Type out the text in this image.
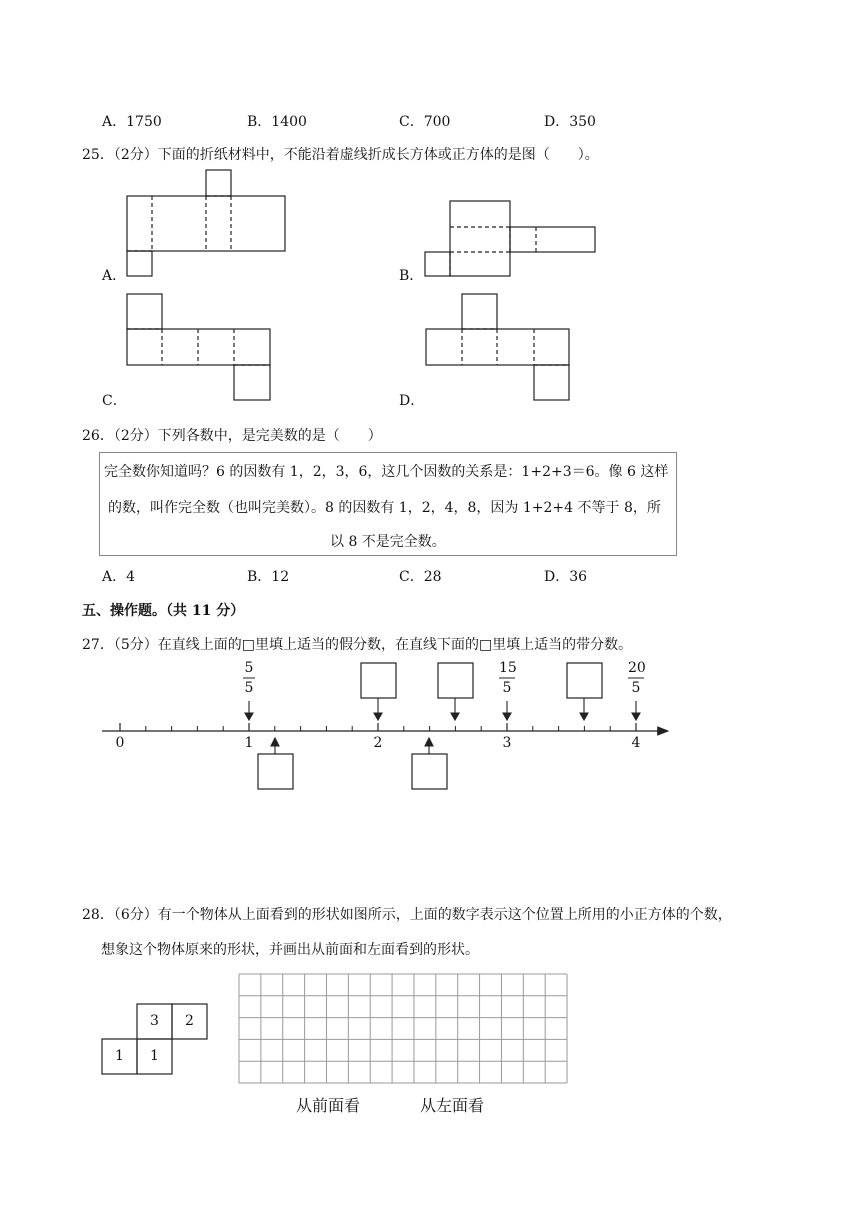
A．1750	B．1400	C．700	D．350
25．（2分）下面的折纸材料中，不能沿着虚线折成长方体或正方体的是图（　　）。
A．	B．
C．	D．
26．（2分）下列各数中，是完美数的是（　　）
完全数你知道吗？6 的因数有 1，2，3，6，这几个因数的关系是：1+2+3＝6。像 6 这样
的数，叫作完全数（也叫完美数）。8 的因数有 1，2，4，8，因为 1+2+4 不等于 8，所
以 8 不是完全数。
A．4	B．12	C．28	D．36
五、操作题。（共 11 分）
27．（5分）在直线上面的□里填上适当的假分数，在直线下面的□里填上适当的带分数。
5
5
15
5
20
5
0	1	2	3	4
28．（6分）有一个物体从上面看到的形状如图所示，上面的数字表示这个位置上所用的小正方体的个数，
想象这个物体原来的形状，并画出从前面和左面看到的形状。
3	2
1	1
从前面看	从左面看
